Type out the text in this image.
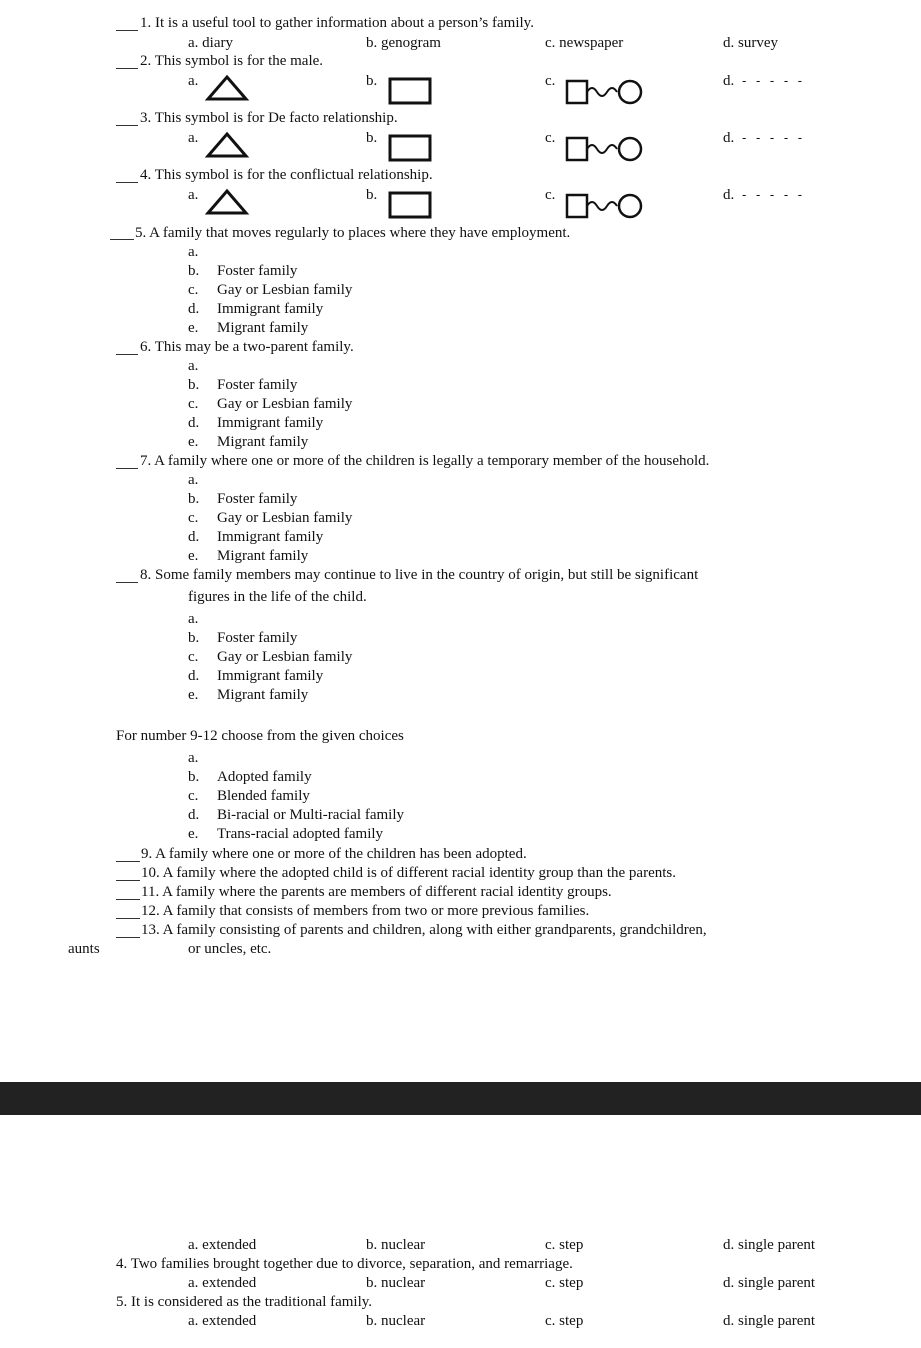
1. It is a useful tool to gather information about a person’s family.
a. diary	b. genogram	c. newspaper	d. survey
2. This symbol is for the male.
a.	b.	c.	d. - - - - -
3. This symbol is for De facto relationship.
a.	b.	c.	d. - - - - -
4. This symbol is for the conflictual relationship.
a.	b.	c.	d. - - - - -
5. A family that moves regularly to places where they have employment.
a.
b. Foster family
c. Gay or Lesbian family
d. Immigrant family
e. Migrant family
6. This may be a two-parent family.
a.
b. Foster family
c. Gay or Lesbian family
d. Immigrant family
e. Migrant family
7. A family where one or more of the children is legally a temporary member of the household.
a.
b. Foster family
c. Gay or Lesbian family
d. Immigrant family
e. Migrant family
8. Some family members may continue to live in the country of origin, but still be significant
figures in the life of the child.
a.
b. Foster family
c. Gay or Lesbian family
d. Immigrant family
e. Migrant family
For number 9-12 choose from the given choices
a.
b. Adopted family
c. Blended family
d. Bi-racial or Multi-racial family
e. Trans-racial adopted family
9. A family where one or more of the children has been adopted.
10. A family where the adopted child is of different racial identity group than the parents.
11. A family where the parents are members of different racial identity groups.
12. A family that consists of members from two or more previous families.
13. A family consisting of parents and children, along with either grandparents, grandchildren,
aunts	or uncles, etc.
a. extended	b. nuclear	c. step	d. single parent
4. Two families brought together due to divorce, separation, and remarriage.
a. extended	b. nuclear	c. step	d. single parent
5. It is considered as the traditional family.
a. extended	b. nuclear	c. step	d. single parent
